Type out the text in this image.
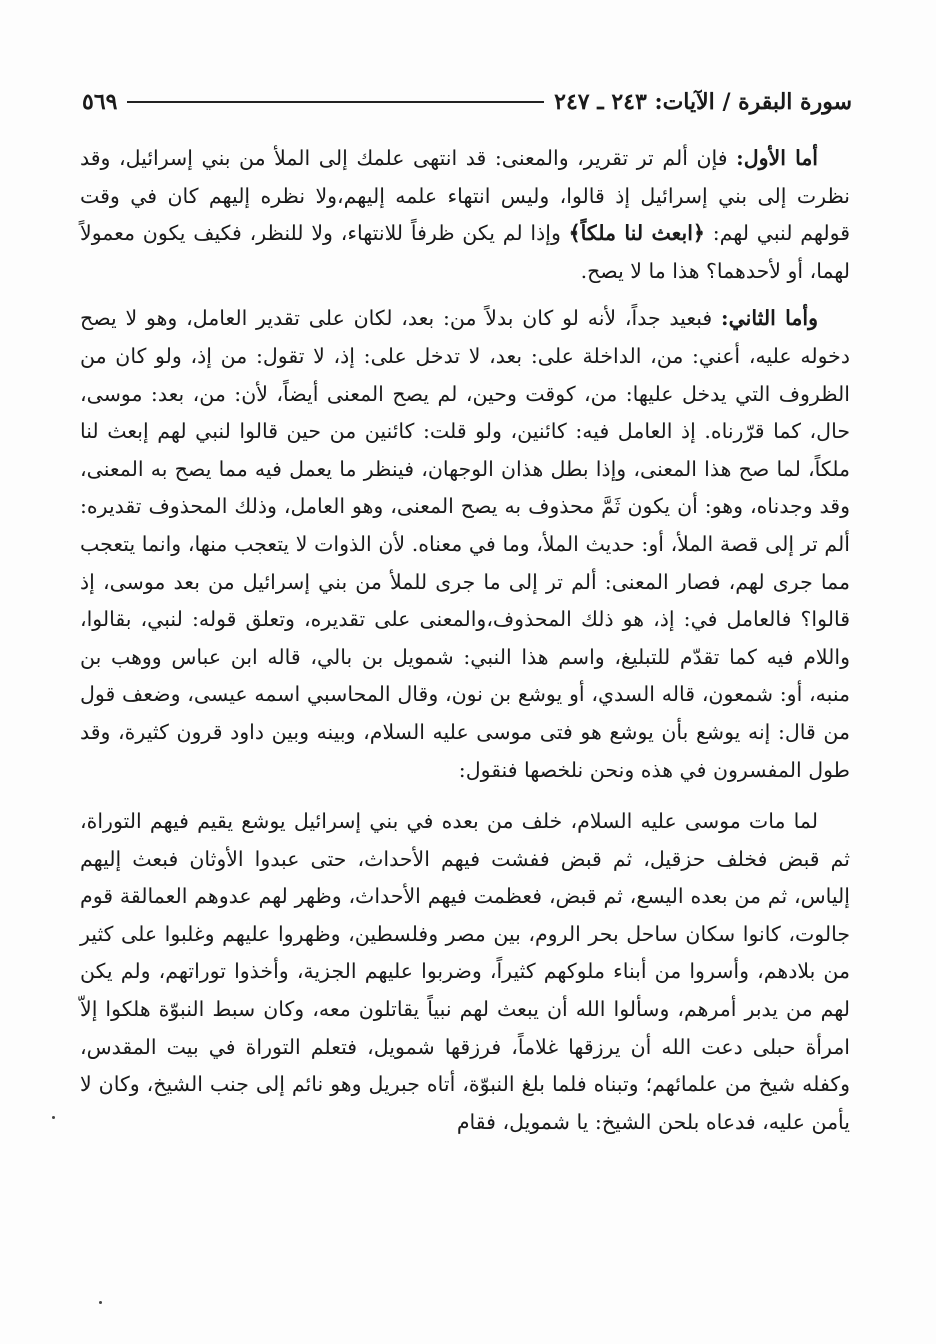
سورة البقرة / الآيات: ٢٤٣ ـ ٢٤٧
٥٦٩

أما الأول: فإن ألم تر تقرير، والمعنى: قد انتهى علمك إلى الملأ من بني إسرائيل، وقد نظرت إلى بني إسرائيل إذ قالوا، وليس انتهاء علمه إليهم،ولا نظره إليهم كان في وقت قولهم لنبي لهم: ﴿ابعث لنا ملكاً﴾ وإذا لم يكن ظرفاً للانتهاء، ولا للنظر، فكيف يكون معمولاً لهما، أو لأحدهما؟ هذا ما لا يصح.

وأما الثاني: فبعيد جداً، لأنه لو كان بدلاً من: بعد، لكان على تقدير العامل، وهو لا يصح دخوله عليه، أعني: من، الداخلة على: بعد، لا تدخل على: إذ، لا تقول: من إذ، ولو كان من الظروف التي يدخل عليها: من، كوقت وحين، لم يصح المعنى أيضاً، لأن: من، بعد: موسى، حال، كما قرّرناه. إذ العامل فيه: كائنين، ولو قلت: كائنين من حين قالوا لنبي لهم إبعث لنا ملكاً، لما صح هذا المعنى، وإذا بطل هذان الوجهان، فينظر ما يعمل فيه مما يصح به المعنى، وقد وجدناه، وهو: أن يكون ثَمَّ محذوف به يصح المعنى، وهو العامل، وذلك المحذوف تقديره: ألم تر إلى قصة الملأ، أو: حديث الملأ، وما في معناه. لأن الذوات لا يتعجب منها، وانما يتعجب مما جرى لهم، فصار المعنى: ألم تر إلى ما جرى للملأ من بني إسرائيل من بعد موسى، إذ قالوا؟ فالعامل في: إذ، هو ذلك المحذوف،والمعنى على تقديره، وتعلق قوله: لنبي، بقالوا، واللام فيه كما تقدّم للتبليغ، واسم هذا النبي: شمويل بن بالي، قاله ابن عباس ووهب بن منبه، أو: شمعون، قاله السدي، أو يوشع بن نون، وقال المحاسبي اسمه عيسى، وضعف قول من قال: إنه يوشع بأن يوشع هو فتى موسى عليه السلام، وبينه وبين داود قرون كثيرة، وقد طول المفسرون في هذه ونحن نلخصها فنقول:

لما مات موسى عليه السلام، خلف من بعده في بني إسرائيل يوشع يقيم فيهم التوراة، ثم قبض فخلف حزقيل، ثم قبض ففشت فيهم الأحداث، حتى عبدوا الأوثان فبعث إليهم إلياس، ثم من بعده اليسع، ثم قبض، فعظمت فيهم الأحداث، وظهر لهم عدوهم العمالقة قوم جالوت، كانوا سكان ساحل بحر الروم، بين مصر وفلسطين، وظهروا عليهم وغلبوا على كثير من بلادهم، وأسروا من أبناء ملوكهم كثيراً، وضربوا عليهم الجزية، وأخذوا توراتهم، ولم يكن لهم من يدبر أمرهم، وسألوا الله أن يبعث لهم نبياً يقاتلون معه، وكان سبط النبوّة هلكوا إلاّ امرأة حبلى دعت الله أن يرزقها غلاماً، فرزقها شمويل، فتعلم التوراة في بيت المقدس، وكفله شيخ من علمائهم؛ وتبناه فلما بلغ النبوّة، أتاه جبريل وهو نائم إلى جنب الشيخ، وكان لا يأمن عليه، فدعاه بلحن الشيخ: يا شمويل، فقام
